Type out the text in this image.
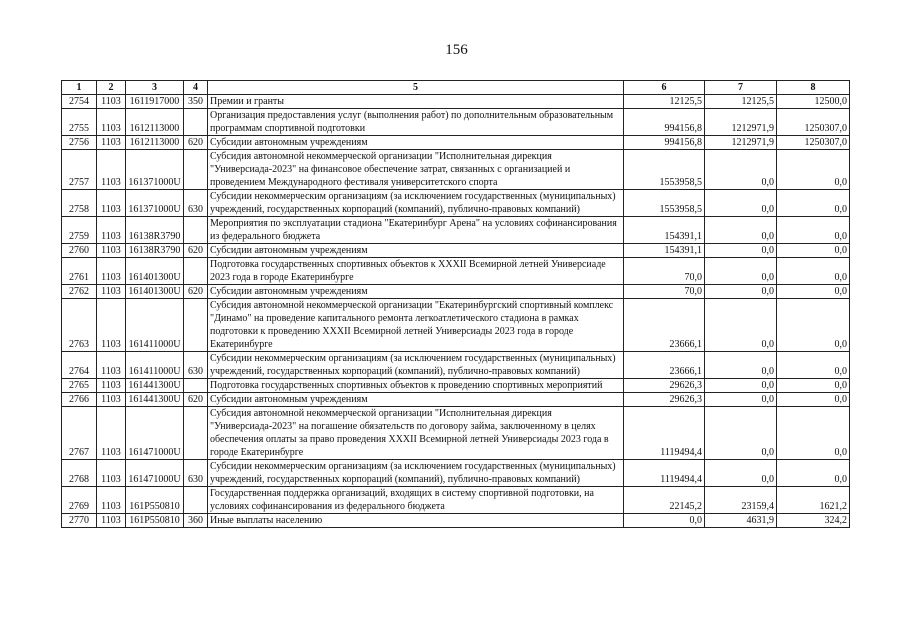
156
1	2	3	4	5	6	7	8
2754	1103	1611917000	350	Премии и гранты	12125,5	12125,5	12500,0
2755	1103	1612113000		Организация предоставления услуг (выполнения работ) по дополнительным образовательным программам спортивной подготовки	994156,8	1212971,9	1250307,0
2756	1103	1612113000	620	Субсидии автономным учреждениям	994156,8	1212971,9	1250307,0
2757	1103	161371000U		Субсидия автономной некоммерческой организации "Исполнительная дирекция "Универсиада-2023" на финансовое обеспечение затрат, связанных с организацией и проведением Международного фестиваля университетского спорта	1553958,5	0,0	0,0
2758	1103	161371000U	630	Субсидии некоммерческим организациям (за исключением государственных (муниципальных) учреждений, государственных корпораций (компаний), публично-правовых компаний)	1553958,5	0,0	0,0
2759	1103	16138R3790		Мероприятия по эксплуатации стадиона "Екатеринбург Арена" на условиях софинансирования из федерального бюджета	154391,1	0,0	0,0
2760	1103	16138R3790	620	Субсидии автономным учреждениям	154391,1	0,0	0,0
2761	1103	161401300U		Подготовка государственных спортивных объектов к XXXII Всемирной летней Универсиаде 2023 года в городе Екатеринбурге	70,0	0,0	0,0
2762	1103	161401300U	620	Субсидии автономным учреждениям	70,0	0,0	0,0
2763	1103	161411000U		Субсидия автономной некоммерческой организации "Екатеринбургский спортивный комплекс "Динамо" на проведение капитального ремонта легкоатлетического стадиона в рамках подготовки к проведению XXXII Всемирной летней Универсиады 2023 года в городе Екатеринбурге	23666,1	0,0	0,0
2764	1103	161411000U	630	Субсидии некоммерческим организациям (за исключением государственных (муниципальных) учреждений, государственных корпораций (компаний), публично-правовых компаний)	23666,1	0,0	0,0
2765	1103	161441300U		Подготовка государственных спортивных объектов к проведению спортивных мероприятий	29626,3	0,0	0,0
2766	1103	161441300U	620	Субсидии автономным учреждениям	29626,3	0,0	0,0
2767	1103	161471000U		Субсидия автономной некоммерческой организации "Исполнительная дирекция "Универсиада-2023" на погашение обязательств по договору займа, заключенному в целях обеспечения оплаты за право проведения XXXII Всемирной летней Универсиады 2023 года в городе Екатеринбурге	1119494,4	0,0	0,0
2768	1103	161471000U	630	Субсидии некоммерческим организациям (за исключением государственных (муниципальных) учреждений, государственных корпораций (компаний), публично-правовых компаний)	1119494,4	0,0	0,0
2769	1103	161P550810		Государственная поддержка организаций, входящих в систему спортивной подготовки, на условиях софинансирования из федерального бюджета	22145,2	23159,4	1621,2
2770	1103	161P550810	360	Иные выплаты населению	0,0	4631,9	324,2
